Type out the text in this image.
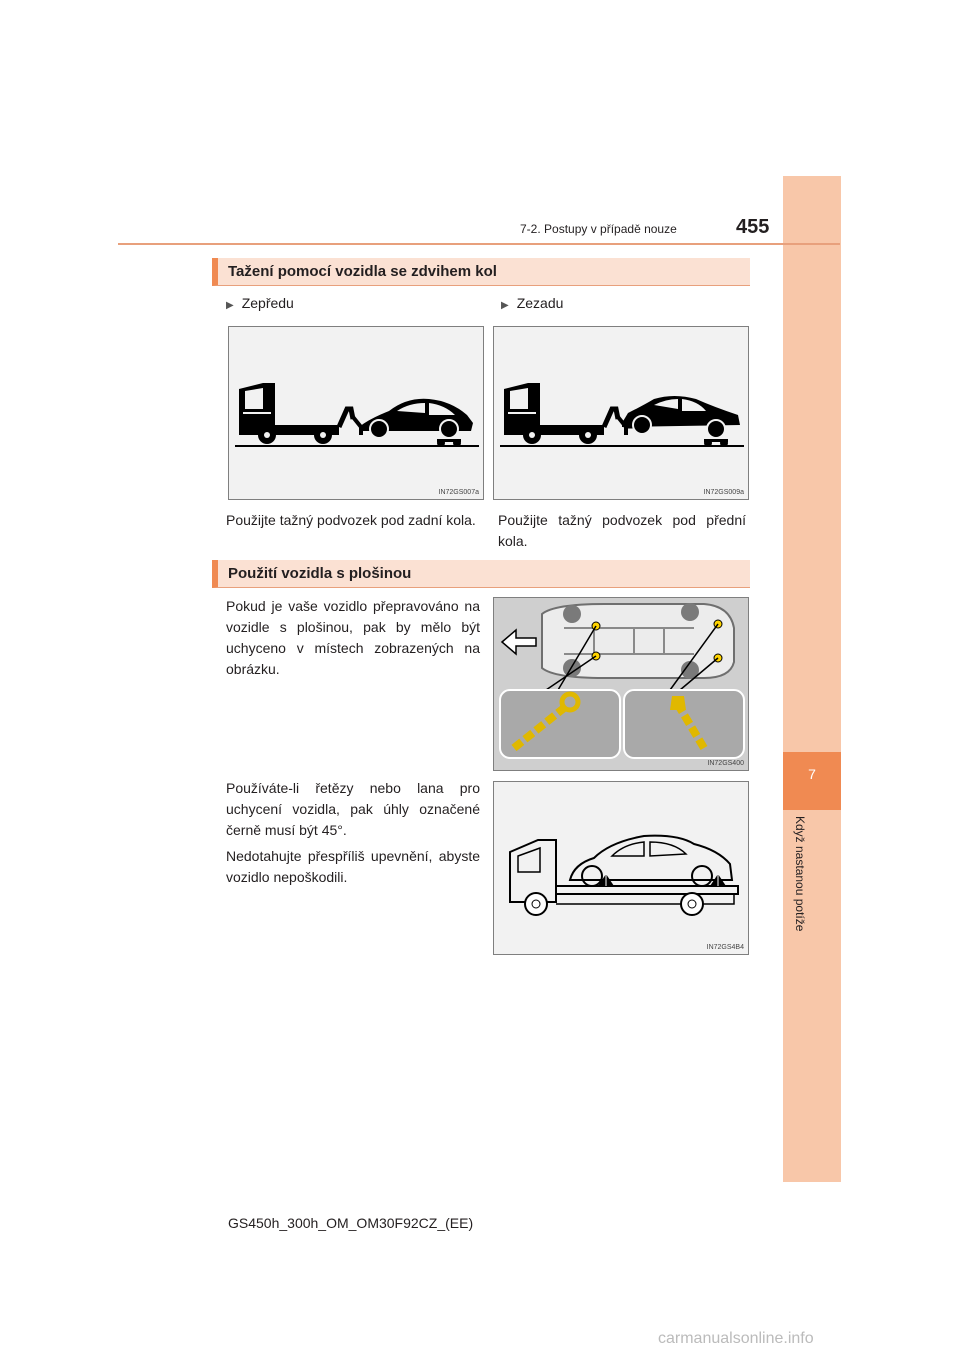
7
Když nastanou potíže
7-2. Postupy v případě nouze	455
Tažení pomocí vozidla se zdvihem kol
▶ Zepředu	▶ Zezadu
IN72GS007a	IN72GS009a
Použijte tažný podvozek pod zadní kola.	Použijte tažný podvozek pod přední kola.
Použití vozidla s plošinou
Pokud je vaše vozidlo přepravováno na vozidle s plošinou, pak by mělo být uchyceno v místech zobrazených na obrázku.
IN72GS400
Používáte-li řetězy nebo lana pro uchycení vozidla, pak úhly označené černě musí být 45°.
Nedotahujte přespříliš upevnění, abyste vozidlo nepoškodili.
IN72GS4B4
GS450h_300h_OM_OM30F92CZ_(EE)
carmanualsonline.info
